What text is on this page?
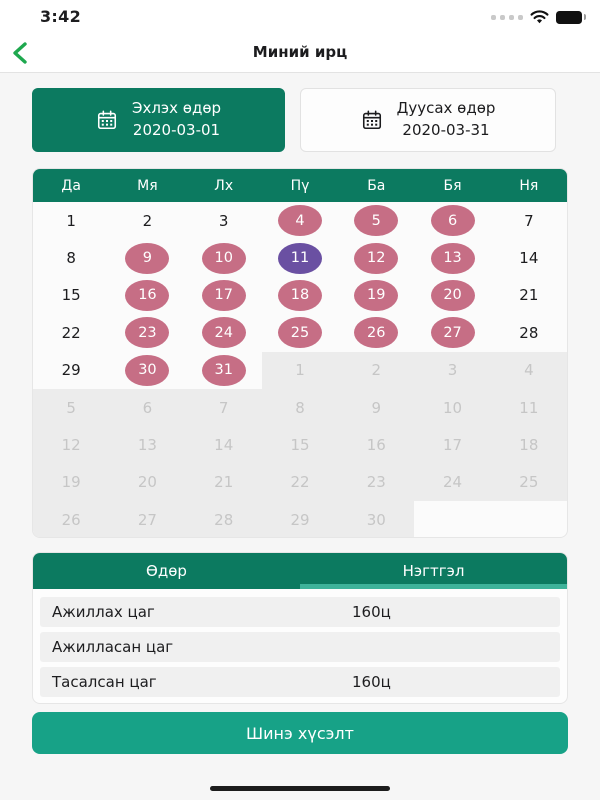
3:42
Миний ирц
Эхлэх өдөр
2020-03-01
Дуусах өдөр
2020-03-31
Да	Мя	Лх	Пү	Ба	Бя	Ня
1	2	3	4	5	6	7
8	9	10	11	12	13	14
15	16	17	18	19	20	21
22	23	24	25	26	27	28
29	30	31	1	2	3	4
5	6	7	8	9	10	11
12	13	14	15	16	17	18
19	20	21	22	23	24	25
26	27	28	29	30
Өдөр	Нэгтгэл
Ажиллах цаг	160ц
Ажилласан цаг
Тасалсан цаг	160ц
Шинэ хүсэлт
